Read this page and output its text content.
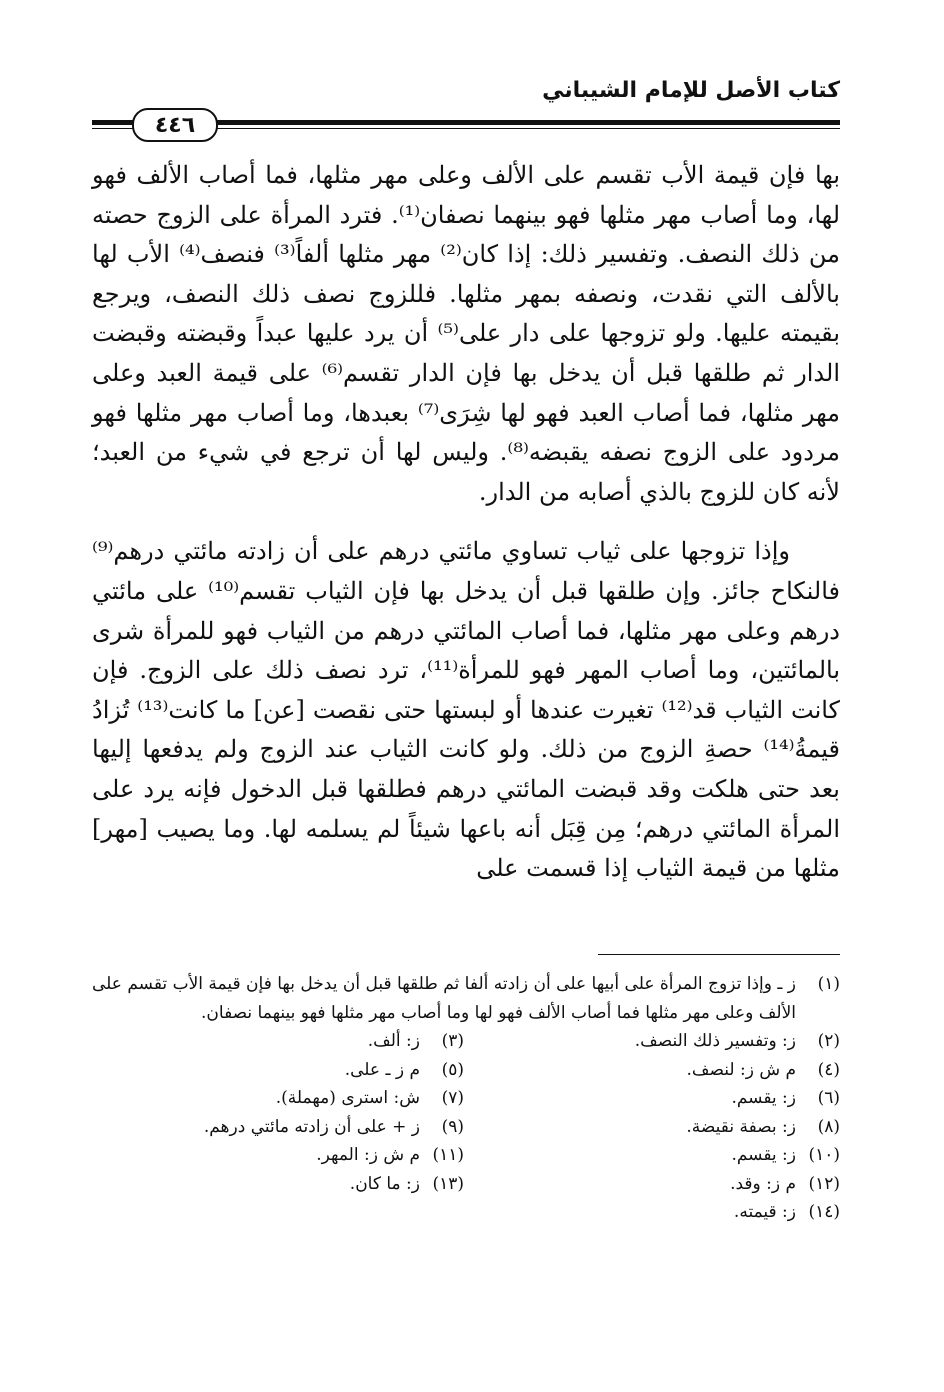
كتاب الأصل للإمام الشيباني
٤٤٦

بها فإن قيمة الأب تقسم على الألف وعلى مهر مثلها، فما أصاب الألف فهو لها، وما أصاب مهر مثلها فهو بينهما نصفان⁽¹⁾. فترد المرأة على الزوج حصته من ذلك النصف. وتفسير ذلك: إذا كان⁽²⁾ مهر مثلها ألفاً⁽³⁾ فنصف⁽⁴⁾ الأب لها بالألف التي نقدت، ونصفه بمهر مثلها. فللزوج نصف ذلك النصف، ويرجع بقيمته عليها. ولو تزوجها على دار على⁽⁵⁾ أن يرد عليها عبداً وقبضته وقبضت الدار ثم طلقها قبل أن يدخل بها فإن الدار تقسم⁽⁶⁾ على قيمة العبد وعلى مهر مثلها، فما أصاب العبد فهو لها شِرَى⁽⁷⁾ بعبدها، وما أصاب مهر مثلها فهو مردود على الزوج نصفه يقبضه⁽⁸⁾. وليس لها أن ترجع في شيء من العبد؛ لأنه كان للزوج بالذي أصابه من الدار.

وإذا تزوجها على ثياب تساوي مائتي درهم على أن زادته مائتي درهم⁽⁹⁾ فالنكاح جائز. وإن طلقها قبل أن يدخل بها فإن الثياب تقسم⁽¹⁰⁾ على مائتي درهم وعلى مهر مثلها، فما أصاب المائتي درهم من الثياب فهو للمرأة شرى بالمائتين، وما أصاب المهر فهو للمرأة⁽¹¹⁾، ترد نصف ذلك على الزوج. فإن كانت الثياب قد⁽¹²⁾ تغيرت عندها أو لبستها حتى نقصت [عن] ما كانت⁽¹³⁾ تُزادُ قيمةُ⁽¹⁴⁾ حصةِ الزوج من ذلك. ولو كانت الثياب عند الزوج ولم يدفعها إليها بعد حتى هلكت وقد قبضت المائتي درهم فطلقها قبل الدخول فإنه يرد على المرأة المائتي درهم؛ مِن قِبَل أنه باعها شيئاً لم يسلمه لها. وما يصيب [مهر] مثلها من قيمة الثياب إذا قسمت على

(١)
ز ـ وإذا تزوج المرأة على أبيها على أن زادته ألفا ثم طلقها قبل أن يدخل بها فإن قيمة الأب تقسم على الألف وعلى مهر مثلها فما أصاب الألف فهو لها وما أصاب مهر مثلها فهو بينهما نصفان.
(٢)
ز: وتفسير ذلك النصف.
(٣)
ز: ألف.
(٤)
م ش ز: لنصف.
(٥)
م ز ـ على.
(٦)
ز: يقسم.
(٧)
ش: استرى (مهملة).
(٨)
ز: بصفة نقيضة.
(٩)
ز + على أن زادته مائتي درهم.
(١٠)
ز: يقسم.
(١١)
م ش ز: المهر.
(١٢)
م ز: وقد.
(١٣)
ز: ما كان.
(١٤)
ز: قيمته.
